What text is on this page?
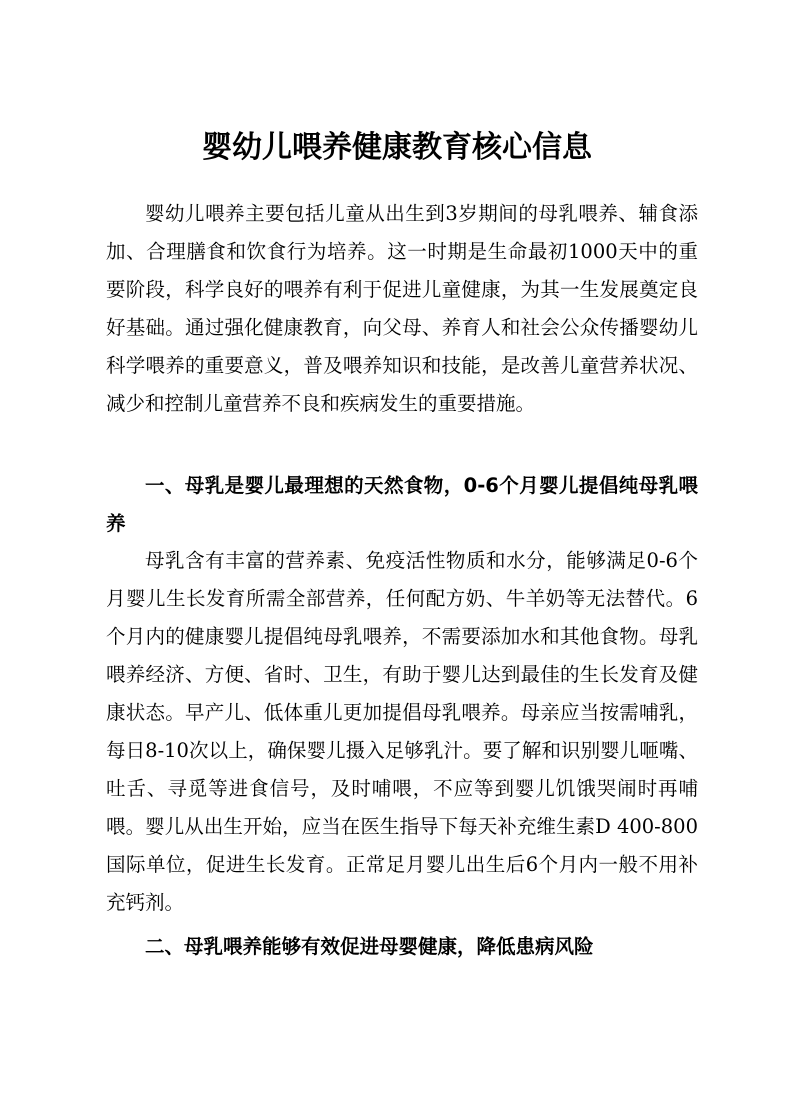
婴幼儿喂养健康教育核心信息

婴幼儿喂养主要包括儿童从出生到3岁期间的母乳喂养、辅食添加、合理膳食和饮食行为培养。这一时期是生命最初1000天中的重要阶段，科学良好的喂养有利于促进儿童健康，为其一生发展奠定良好基础。通过强化健康教育，向父母、养育人和社会公众传播婴幼儿科学喂养的重要意义，普及喂养知识和技能，是改善儿童营养状况、减少和控制儿童营养不良和疾病发生的重要措施。

一、母乳是婴儿最理想的天然食物，0-6个月婴儿提倡纯母乳喂养

母乳含有丰富的营养素、免疫活性物质和水分，能够满足0-6个月婴儿生长发育所需全部营养，任何配方奶、牛羊奶等无法替代。6个月内的健康婴儿提倡纯母乳喂养，不需要添加水和其他食物。母乳喂养经济、方便、省时、卫生，有助于婴儿达到最佳的生长发育及健康状态。早产儿、低体重儿更加提倡母乳喂养。母亲应当按需哺乳，每日8-10次以上，确保婴儿摄入足够乳汁。要了解和识别婴儿咂嘴、吐舌、寻觅等进食信号，及时哺喂，不应等到婴儿饥饿哭闹时再哺喂。婴儿从出生开始，应当在医生指导下每天补充维生素D 400-800国际单位，促进生长发育。正常足月婴儿出生后6个月内一般不用补充钙剂。

二、母乳喂养能够有效促进母婴健康，降低患病风险
